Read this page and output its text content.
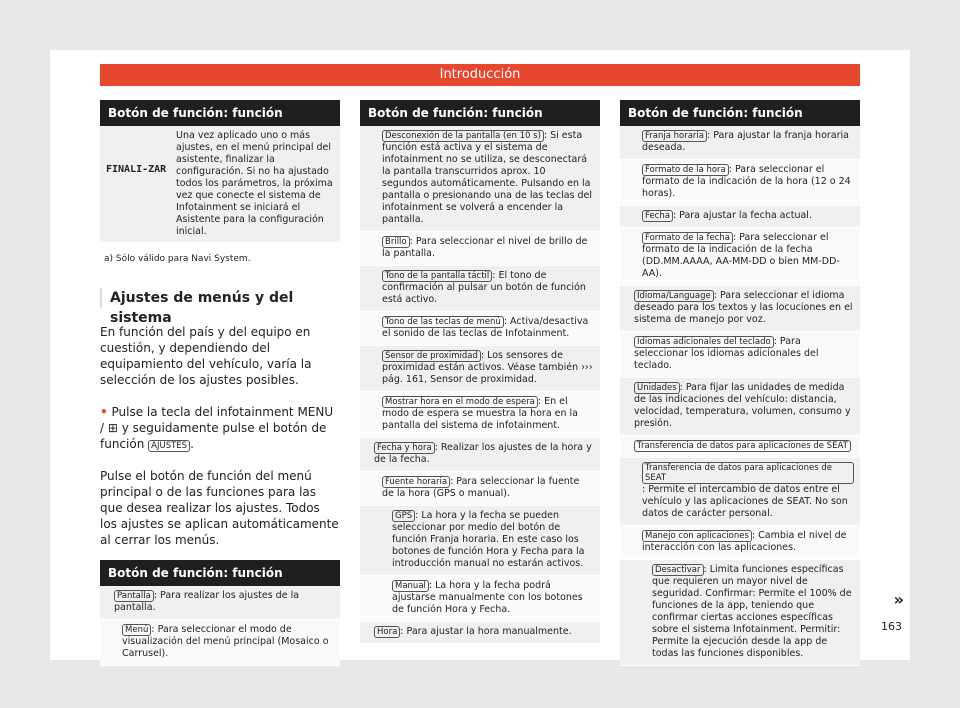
Introducción
Botón de función: función
FINALI-ZAR
Una vez aplicado uno o más ajustes, en el menú principal del asistente, finalizar la configuración. Si no ha ajustado todos los parámetros, la próxima vez que conecte el sistema de Infotainment se iniciará el Asistente para la configuración inicial.
a) Sólo válido para Navi System.
Ajustes de menús y del sistema
En función del país y del equipo en cuestión, y dependiendo del equipamiento del vehículo, varía la selección de los ajustes posibles.
• Pulse la tecla del infotainment MENU / ⊞ y seguidamente pulse el botón de función AJUSTES .
Pulse el botón de función del menú principal o de las funciones para las que desea realizar los ajustes. Todos los ajustes se aplican automáticamente al cerrar los menús.
Botón de función: función
Pantalla : Para realizar los ajustes de la pantalla.
Menú : Para seleccionar el modo de visualización del menú principal (Mosaico o Carrusel).
Botón de función: función
Desconexión de la pantalla (en 10 s) : Si esta función está activa y el sistema de infotainment no se utiliza, se desconectará la pantalla transcurridos aprox. 10 segundos automáticamente. Pulsando en la pantalla o presionando una de las teclas del infotainment se volverá a encender la pantalla.
Brillo : Para seleccionar el nivel de brillo de la pantalla.
Tono de la pantalla táctil : El tono de confirmación al pulsar un botón de función está activo.
Tono de las teclas de menú : Activa/desactiva el sonido de las teclas de Infotainment.
Sensor de proximidad : Los sensores de proximidad están activos. Véase también ››› pág. 161, Sensor de proximidad.
Mostrar hora en el modo de espera : En el modo de espera se muestra la hora en la pantalla del sistema de infotainment.
Fecha y hora : Realizar los ajustes de la hora y de la fecha.
Fuente horaria : Para seleccionar la fuente de la hora (GPS o manual).
GPS : La hora y la fecha se pueden seleccionar por medio del botón de función Franja horaria. En este caso los botones de función Hora y Fecha para la introducción manual no estarán activos.
Manual : La hora y la fecha podrá ajustarse manualmente con los botones de función Hora y Fecha.
Hora : Para ajustar la hora manualmente.
Botón de función: función
Franja horaria : Para ajustar la franja horaria deseada.
Formato de la hora : Para seleccionar el formato de la indicación de la hora (12 o 24 horas).
Fecha : Para ajustar la fecha actual.
Formato de la fecha : Para seleccionar el formato de la indicación de la fecha (DD.MM.AAAA, AA-MM-DD o bien MM-DD-AA).
Idioma/Language : Para seleccionar el idioma deseado para los textos y las locuciones en el sistema de manejo por voz.
Idiomas adicionales del teclado : Para seleccionar los idiomas adicionales del teclado.
Unidades : Para fijar las unidades de medida de las indicaciones del vehículo: distancia, velocidad, temperatura, volumen, consumo y presión.
Transferencia de datos para aplicaciones de SEAT
Transferencia de datos para aplicaciones de SEAT: Permite el intercambio de datos entre el vehículo y las aplicaciones de SEAT. No son datos de carácter personal.
Manejo con aplicaciones : Cambia el nivel de interacción con las aplicaciones.
Desactivar : Limita funciones específicas que requieren un mayor nivel de seguridad. Confirmar: Permite el 100% de funciones de la app, teniendo que confirmar ciertas acciones específicas sobre el sistema Infotainment. Permitir: Permite la ejecución desde la app de todas las funciones disponibles.
»
163
